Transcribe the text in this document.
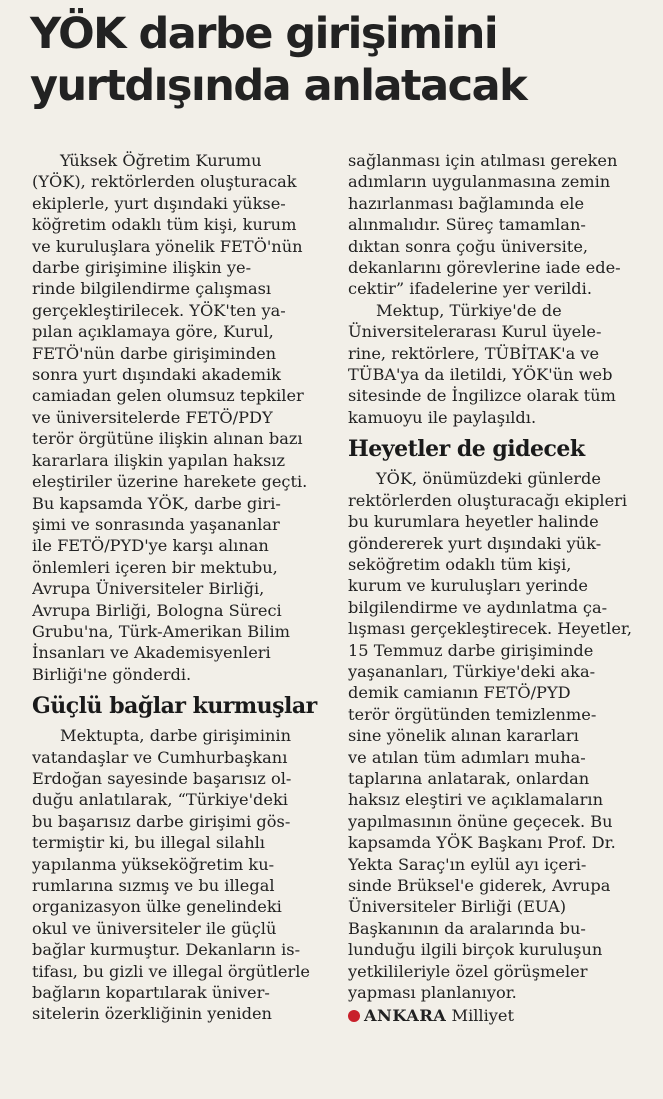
YÖK darbe girişimini
yurtdışında anlatacak

Yüksek Öğretim Kurumu
(YÖK), rektörlerden oluşturacak
ekiplerle, yurt dışındaki yükse-
köğretim odaklı tüm kişi, kurum
ve kuruluşlara yönelik FETÖ'nün
darbe girişimine ilişkin ye-
rinde bilgilendirme çalışması
gerçekleştirilecek. YÖK'ten ya-
pılan açıklamaya göre, Kurul,
FETÖ'nün darbe girişiminden
sonra yurt dışındaki akademik
camiadan gelen olumsuz tepkiler
ve üniversitelerde FETÖ/PDY
terör örgütüne ilişkin alınan bazı
kararlara ilişkin yapılan haksız
eleştiriler üzerine harekete geçti.
Bu kapsamda YÖK, darbe giri-
şimi ve sonrasında yaşananlar
ile FETÖ/PYD'ye karşı alınan
önlemleri içeren bir mektubu,
Avrupa Üniversiteler Birliği,
Avrupa Birliği, Bologna Süreci
Grubu'na, Türk-Amerikan Bilim
İnsanları ve Akademisyenleri
Birliği'ne gönderdi.

Güçlü bağlar kurmuşlar

Mektupta, darbe girişiminin
vatandaşlar ve Cumhurbaşkanı
Erdoğan sayesinde başarısız ol-
duğu anlatılarak, “Türkiye'deki
bu başarısız darbe girişimi gös-
termiştir ki, bu illegal silahlı
yapılanma yükseköğretim ku-
rumlarına sızmış ve bu illegal
organizasyon ülke genelindeki
okul ve üniversiteler ile güçlü
bağlar kurmuştur. Dekanların is-
tifası, bu gizli ve illegal örgütlerle
bağların kopartılarak üniver-
sitelerin özerkliğinin yeniden

sağlanması için atılması gereken
adımların uygulanmasına zemin
hazırlanması bağlamında ele
alınmalıdır. Süreç tamamlan-
dıktan sonra çoğu üniversite,
dekanlarını görevlerine iade ede-
cektir” ifadelerine yer verildi.

Mektup, Türkiye'de de
Üniversitelerarası Kurul üyele-
rine, rektörlere, TÜBİTAK'a ve
TÜBA'ya da iletildi, YÖK'ün web
sitesinde de İngilizce olarak tüm
kamuoyu ile paylaşıldı.

Heyetler de gidecek

YÖK, önümüzdeki günlerde
rektörlerden oluşturacağı ekipleri
bu kurumlara heyetler halinde
göndererek yurt dışındaki yük-
seköğretim odaklı tüm kişi,
kurum ve kuruluşları yerinde
bilgilendirme ve aydınlatma ça-
lışması gerçekleştirecek. Heyetler,
15 Temmuz darbe girişiminde
yaşananları, Türkiye'deki aka-
demik camianın FETÖ/PYD
terör örgütünden temizlenme-
sine yönelik alınan kararları
ve atılan tüm adımları muha-
taplarına anlatarak, onlardan
haksız eleştiri ve açıklamaların
yapılmasının önüne geçecek. Bu
kapsamda YÖK Başkanı Prof. Dr.
Yekta Saraç'ın eylül ayı içeri-
sinde Brüksel'e giderek, Avrupa
Üniversiteler Birliği (EUA)
Başkanının da aralarında bu-
lunduğu ilgili birçok kuruluşun
yetkilileriyle özel görüşmeler
yapması planlanıyor.

ANKARA Milliyet
